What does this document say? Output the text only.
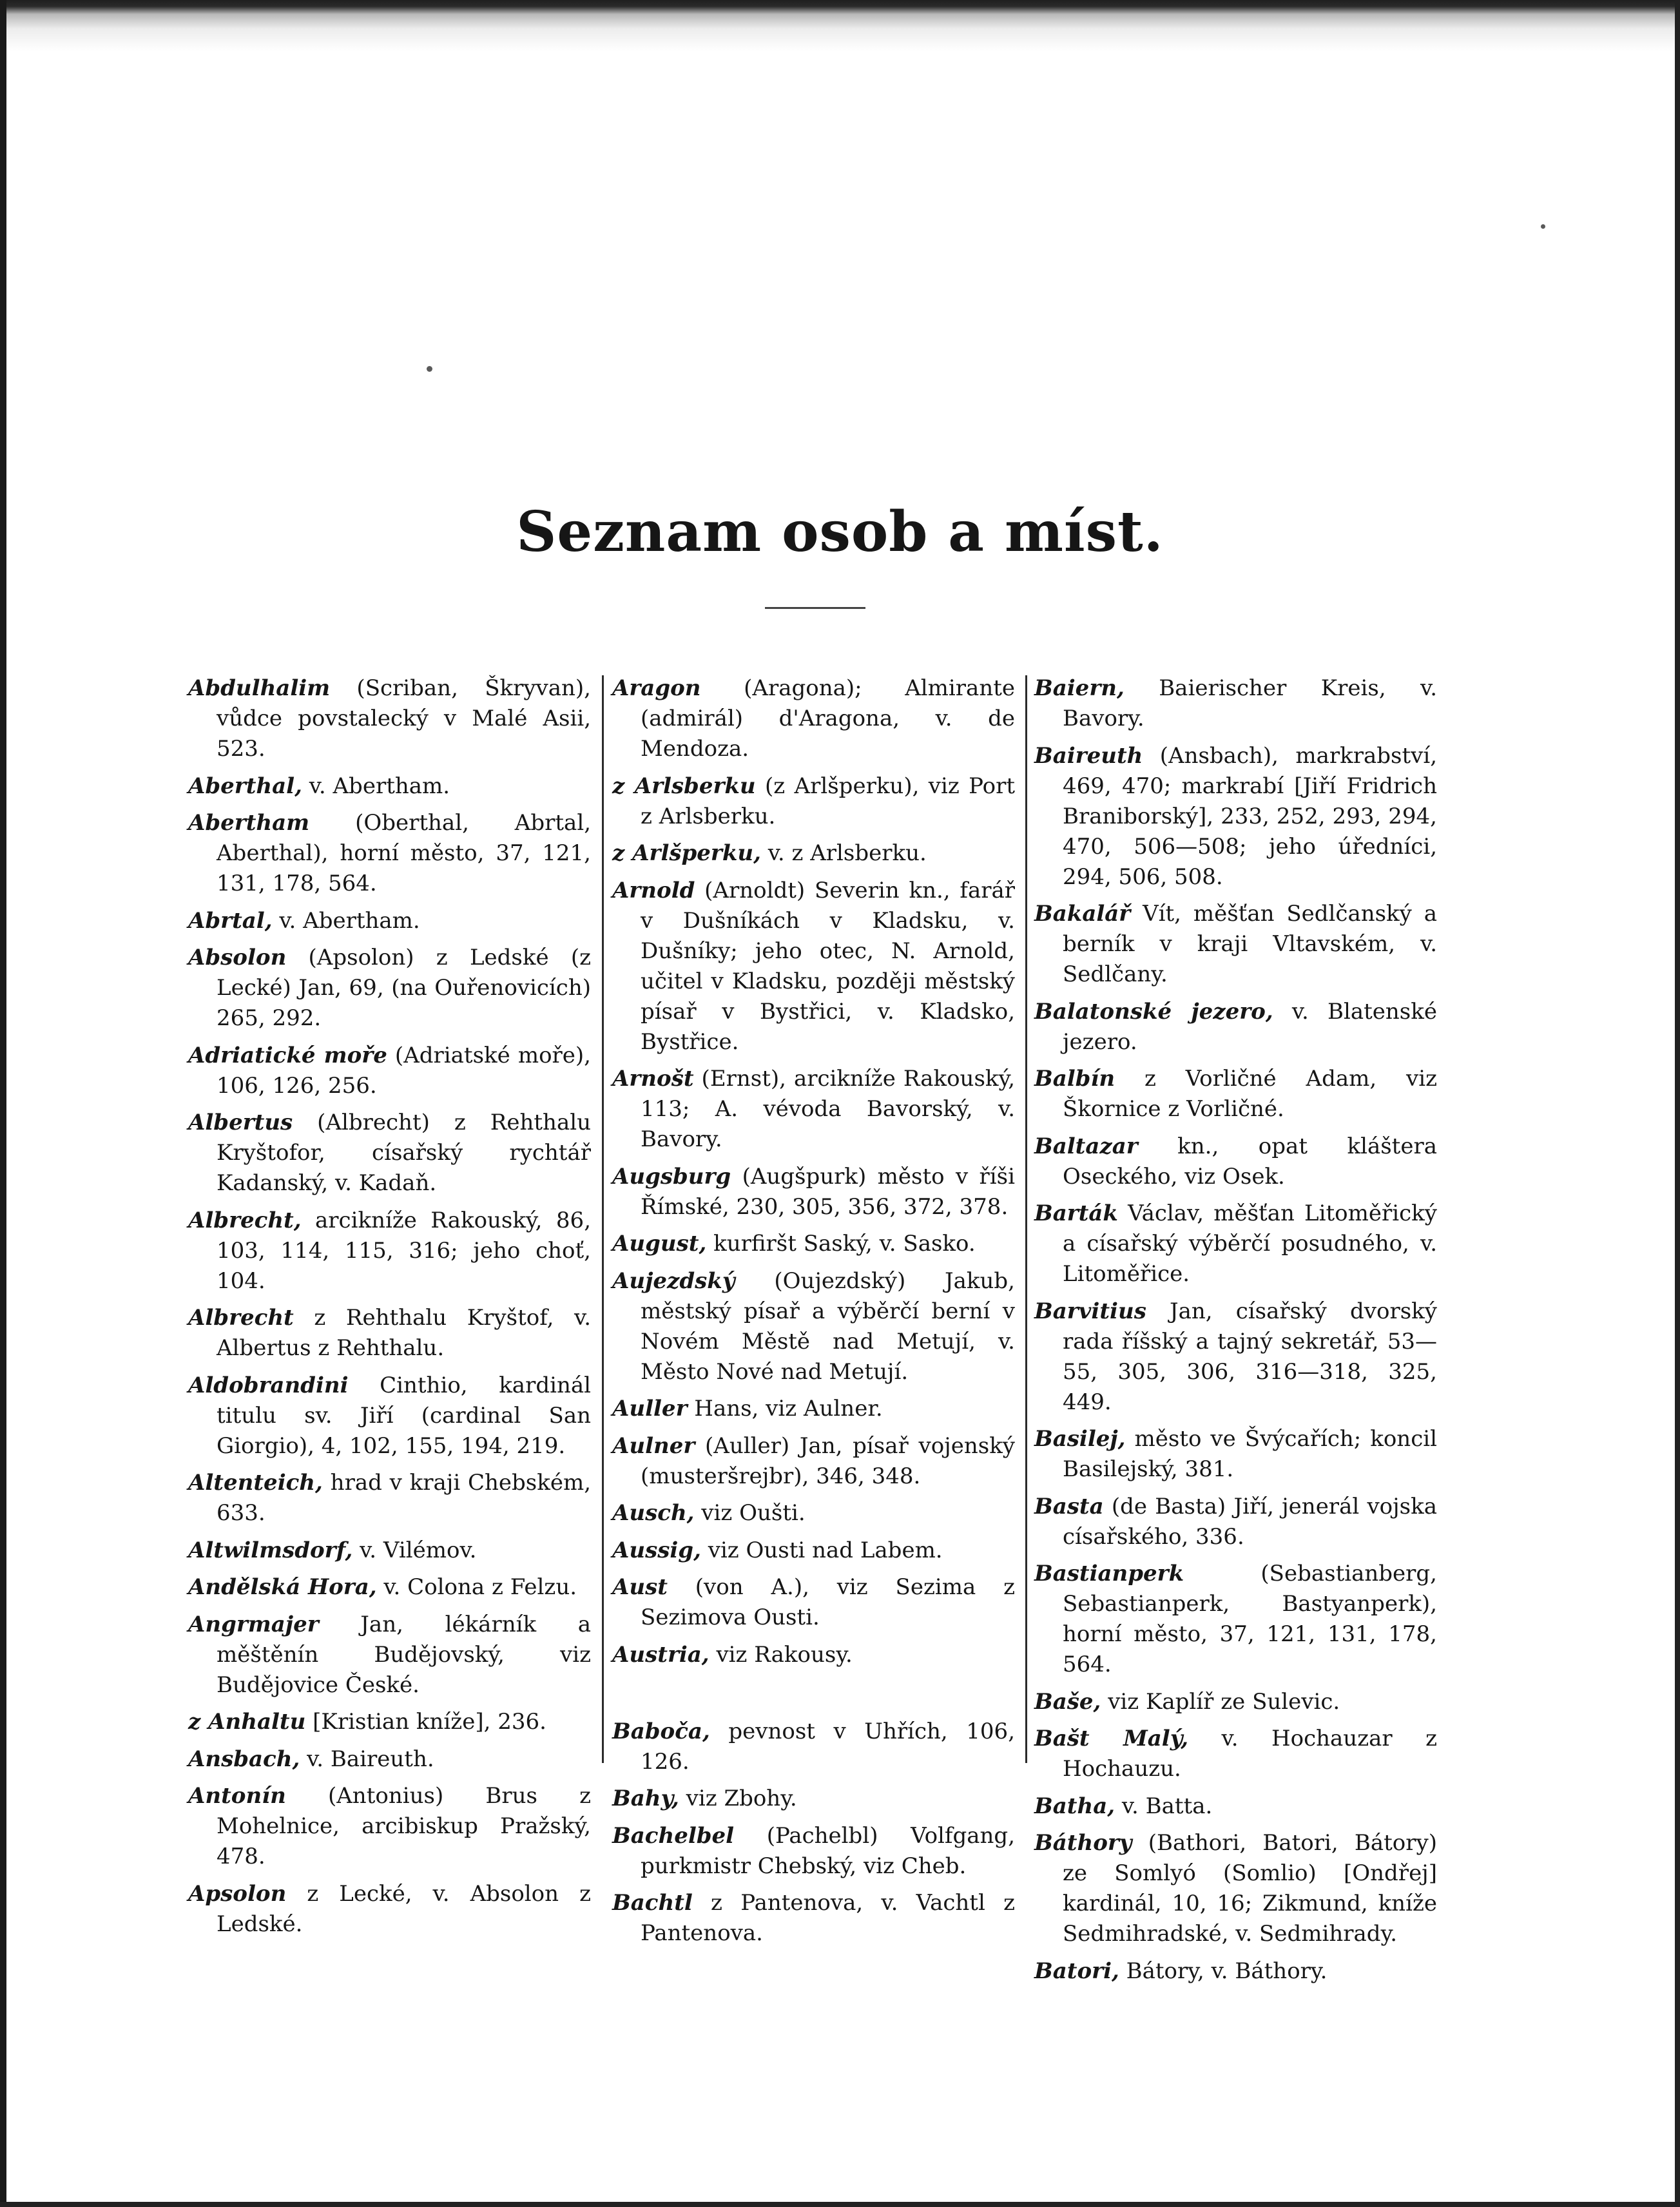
Seznam osob a míst.

Abdulhalim (Scriban, Škryvan), vůdce povstalecký v Malé Asii, 523.

Aberthal, v. Abertham.

Abertham (Oberthal, Abrtal, Aberthal), horní město, 37, 121, 131, 178, 564.

Abrtal, v. Abertham.

Absolon (Apsolon) z Ledské (z Lecké) Jan, 69, (na Ouřenovicích) 265, 292.

Adriatické moře (Adriatské moře), 106, 126, 256.

Albertus (Albrecht) z Rehthalu Kryštofor, císařský rychtář Kadanský, v. Kadaň.

Albrecht, arcikníže Rakouský, 86, 103, 114, 115, 316; jeho choť, 104.

Albrecht z Rehthalu Kryštof, v. Albertus z Rehthalu.

Aldobrandini Cinthio, kardinál titulu sv. Jiří (cardinal San Giorgio), 4, 102, 155, 194, 219.

Altenteich, hrad v kraji Chebském, 633.

Altwilmsdorf, v. Vilémov.

Andělská Hora, v. Colona z Felzu.

Angrmajer Jan, lékárník a měštěnín Budějovský, viz Budějovice České.

z Anhaltu [Kristian kníže], 236.

Ansbach, v. Baireuth.

Antonín (Antonius) Brus z Mohelnice, arcibiskup Pražský, 478.

Apsolon z Lecké, v. Absolon z Ledské.

Aragon (Aragona); Almirante (admirál) d'Aragona, v. de Mendoza.

z Arlsberku (z Arlšperku), viz Port z Arlsberku.

z Arlšperku, v. z Arlsberku.

Arnold (Arnoldt) Severin kn., farář v Dušníkách v Kladsku, v. Dušníky; jeho otec, N. Arnold, učitel v Kladsku, později městský písař v Bystřici, v. Kladsko, Bystřice.

Arnošt (Ernst), arcikníže Rakouský, 113; A. vévoda Bavorský, v. Bavory.

Augsburg (Augšpurk) město v říši Římské, 230, 305, 356, 372, 378.

August, kurfiršt Saský, v. Sasko.

Aujezdský (Oujezdský) Jakub, městský písař a výběrčí berní v Novém Městě nad Metují, v. Město Nové nad Metují.

Auller Hans, viz Aulner.

Aulner (Auller) Jan, písař vojenský (musteršrejbr), 346, 348.

Ausch, viz Oušti.

Aussig, viz Ousti nad Labem.

Aust (von A.), viz Sezima z Sezimova Ousti.

Austria, viz Rakousy.

Baboča, pevnost v Uhřích, 106, 126.

Bahy, viz Zbohy.

Bachelbel (Pachelbl) Volfgang, purkmistr Chebský, viz Cheb.

Bachtl z Pantenova, v. Vachtl z Pantenova.

Baiern, Baierischer Kreis, v. Bavory.

Baireuth (Ansbach), markrabství, 469, 470; markrabí [Jiří Fridrich Braniborský], 233, 252, 293, 294, 470, 506—508; jeho úředníci, 294, 506, 508.

Bakalář Vít, měšťan Sedlčanský a berník v kraji Vltavském, v. Sedlčany.

Balatonské jezero, v. Blatenské jezero.

Balbín z Vorličné Adam, viz Škornice z Vorličné.

Baltazar kn., opat kláštera Oseckého, viz Osek.

Barták Václav, měšťan Litoměřický a císařský výběrčí posudného, v. Litoměřice.

Barvitius Jan, císařský dvorský rada říšský a tajný sekretář, 53—55, 305, 306, 316—318, 325, 449.

Basilej, město ve Švýcařích; koncil Basilejský, 381.

Basta (de Basta) Jiří, jenerál vojska císařského, 336.

Bastianperk (Sebastianberg, Sebastianperk, Bastyanperk), horní město, 37, 121, 131, 178, 564.

Baše, viz Kaplíř ze Sulevic.

Bašt Malý, v. Hochauzar z Hochauzu.

Batha, v. Batta.

Báthory (Bathori, Batori, Bátory) ze Somlyó (Somlio) [Ondřej] kardinál, 10, 16; Zikmund, kníže Sedmihradské, v. Sedmihrady.

Batori, Bátory, v. Báthory.
